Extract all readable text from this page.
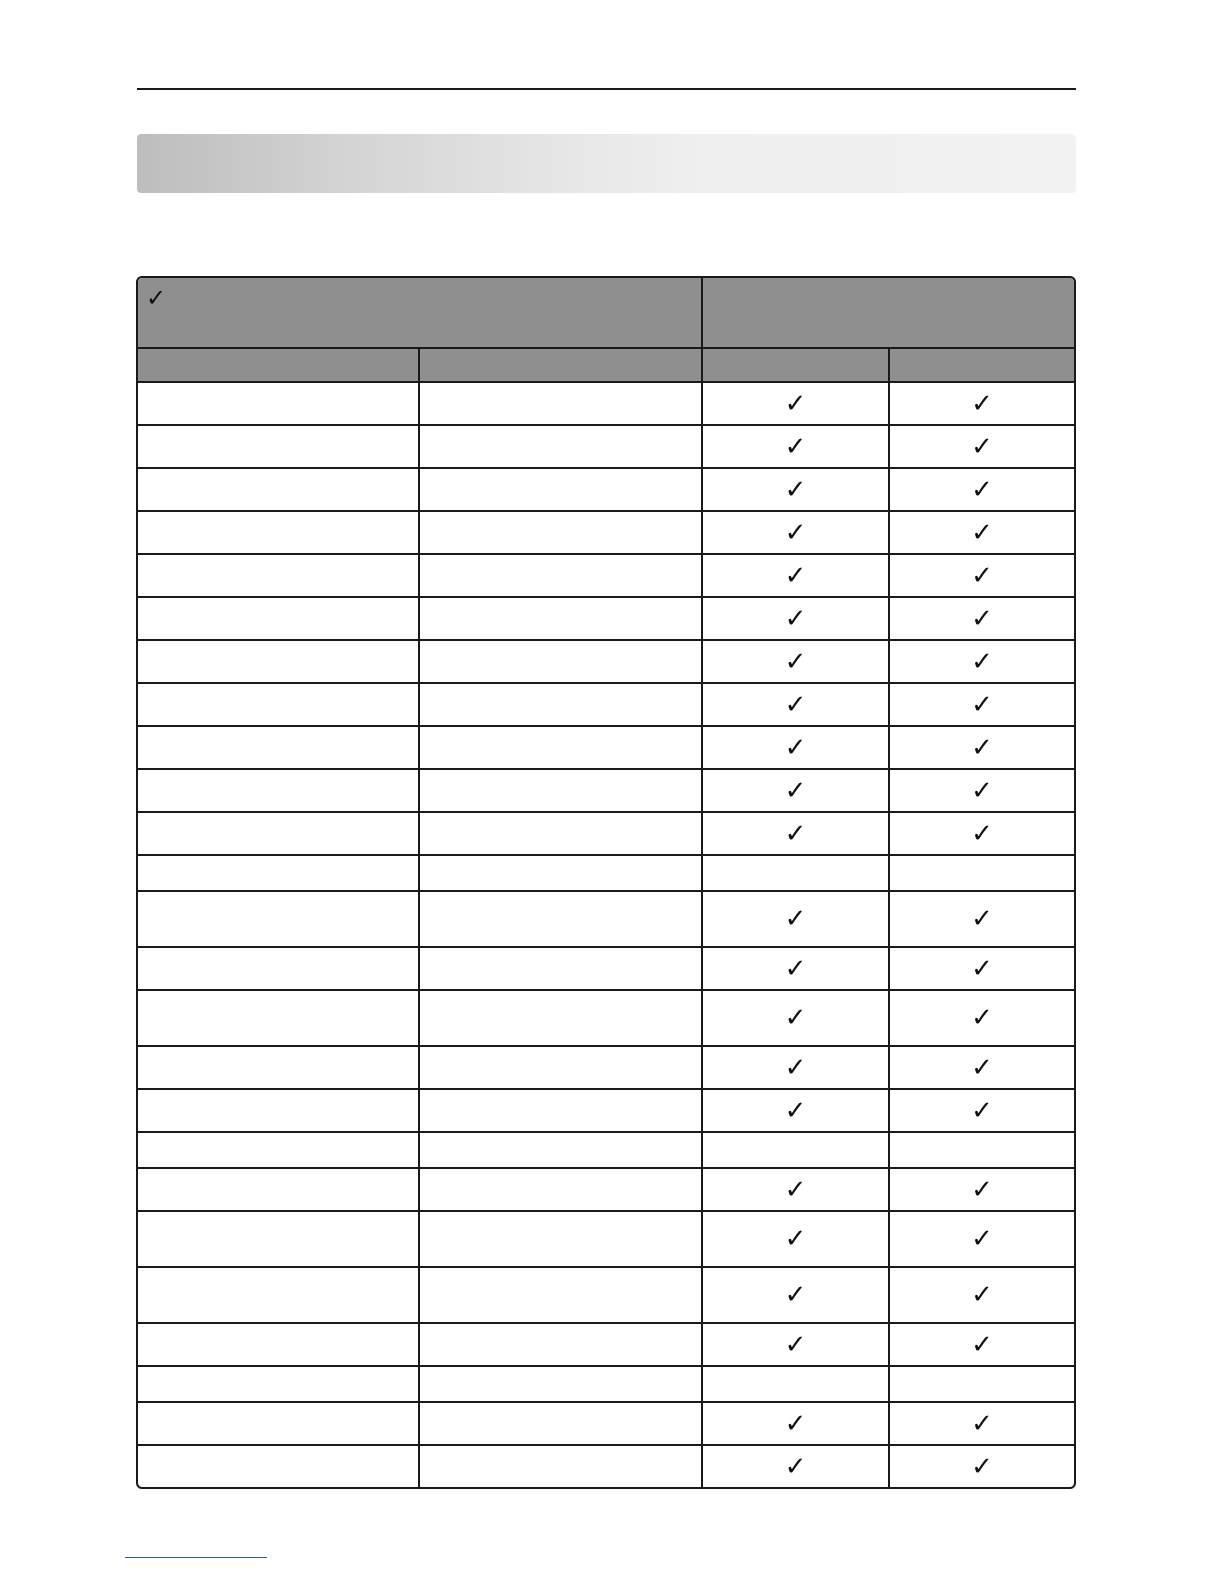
✓			

		✓	✓
		✓	✓
		✓	✓
		✓	✓
		✓	✓
		✓	✓
		✓	✓
		✓	✓
		✓	✓
		✓	✓
		✓	✓

		✓	✓
		✓	✓
		✓	✓
		✓	✓
		✓	✓

		✓	✓
		✓	✓
		✓	✓
		✓	✓

		✓	✓
		✓	✓
